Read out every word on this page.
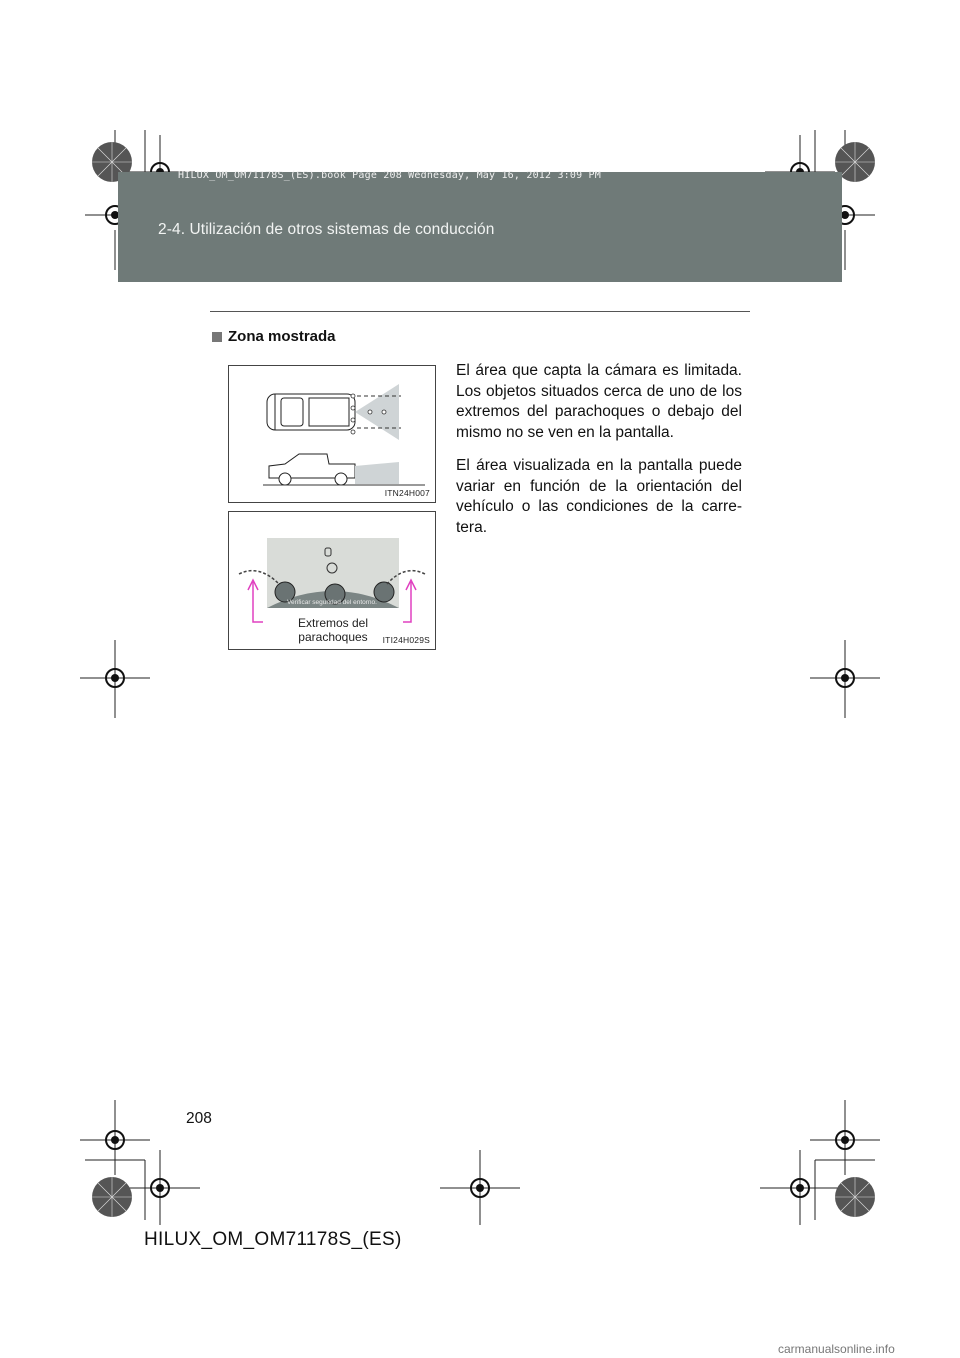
HILUX_OM_OM71178S_(ES).book Page 208 Wednesday, May 16, 2012 3:09 PM
2-4. Utilización de otros sistemas de conducción
Zona mostrada
El área que capta la cámara es limitada. Los objetos situados cerca de uno de los extremos del parachoques o debajo del mismo no se ven en la pantalla.
El área visualizada en la pantalla puede variar en función de la orientación del vehículo o las condiciones de la carre-tera.
ITN24H007
Verificar seguridad del entorno.
Extremos del parachoques	ITI24H029S
208
HILUX_OM_OM71178S_(ES)
carmanualsonline.info
